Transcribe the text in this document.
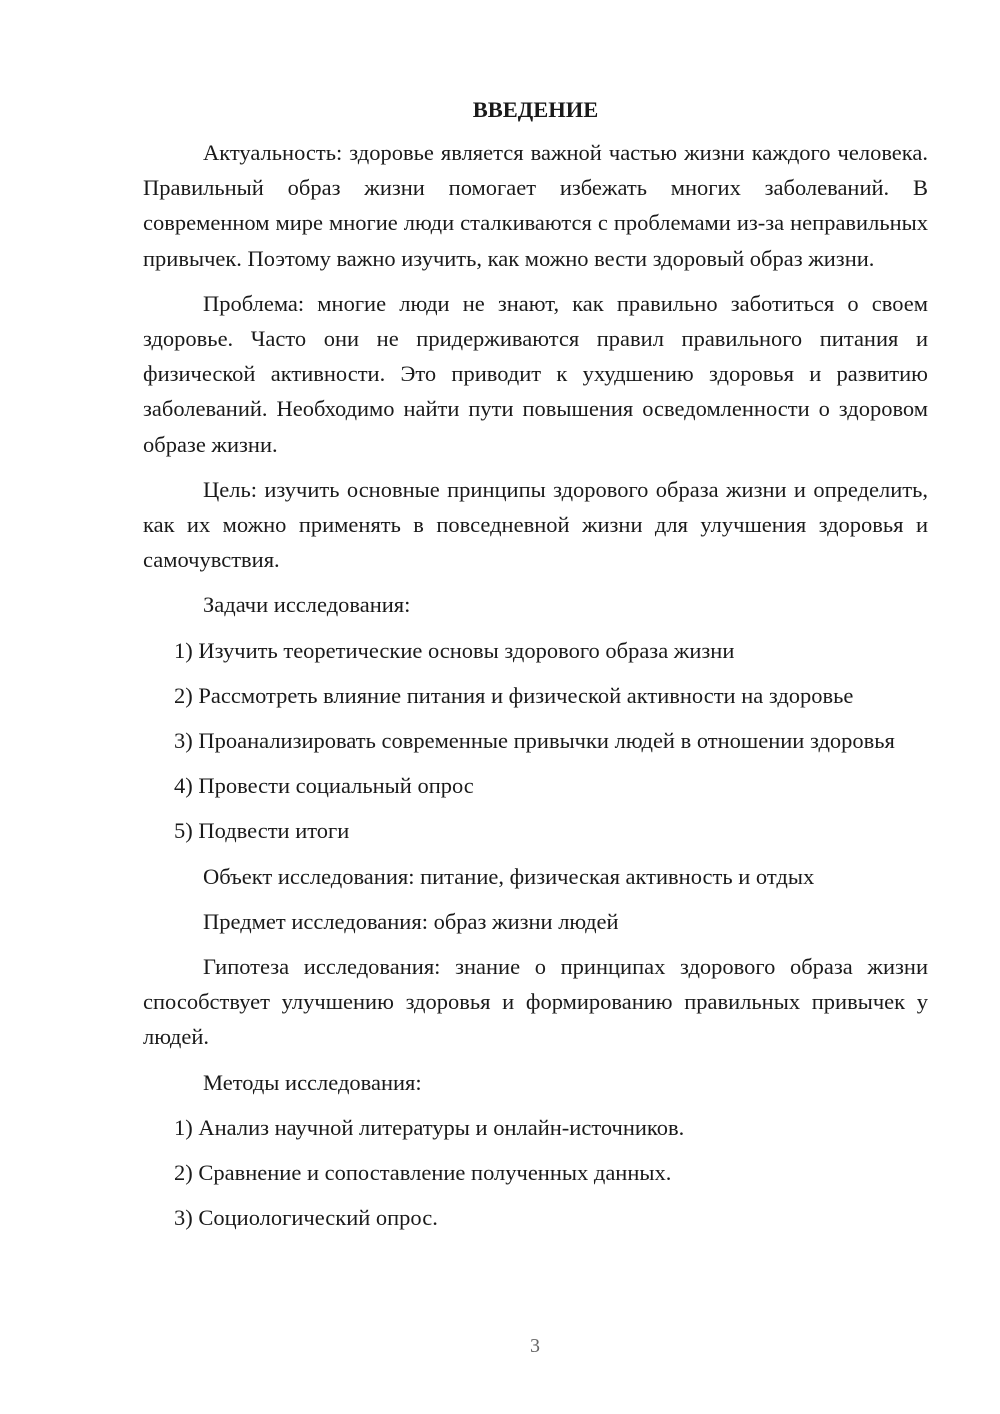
ВВЕДЕНИЕ

Актуальность: здоровье является важной частью жизни каждого человека. Правильный образ жизни помогает избежать многих заболеваний. В современном мире многие люди сталкиваются с проблемами из-за неправильных привычек. Поэтому важно изучить, как можно вести здоровый образ жизни.

Проблема: многие люди не знают, как правильно заботиться о своем здоровье. Часто они не придерживаются правил правильного питания и физической активности. Это приводит к ухудшению здоровья и развитию заболеваний. Необходимо найти пути повышения осведомленности о здоровом образе жизни.

Цель: изучить основные принципы здорового образа жизни и определить, как их можно применять в повседневной жизни для улучшения здоровья и самочувствия.

Задачи исследования:

1) Изучить теоретические основы здорового образа жизни

2) Рассмотреть влияние питания и физической активности на здоровье

3) Проанализировать современные привычки людей в отношении здоровья

4) Провести социальный опрос

5) Подвести итоги

Объект исследования: питание, физическая активность и отдых

Предмет исследования: образ жизни людей

Гипотеза исследования: знание о принципах здорового образа жизни способствует улучшению здоровья и формированию правильных привычек у людей.

Методы исследования:

1) Анализ научной литературы и онлайн-источников.

2) Сравнение и сопоставление полученных данных.

3) Социологический опрос.

3
